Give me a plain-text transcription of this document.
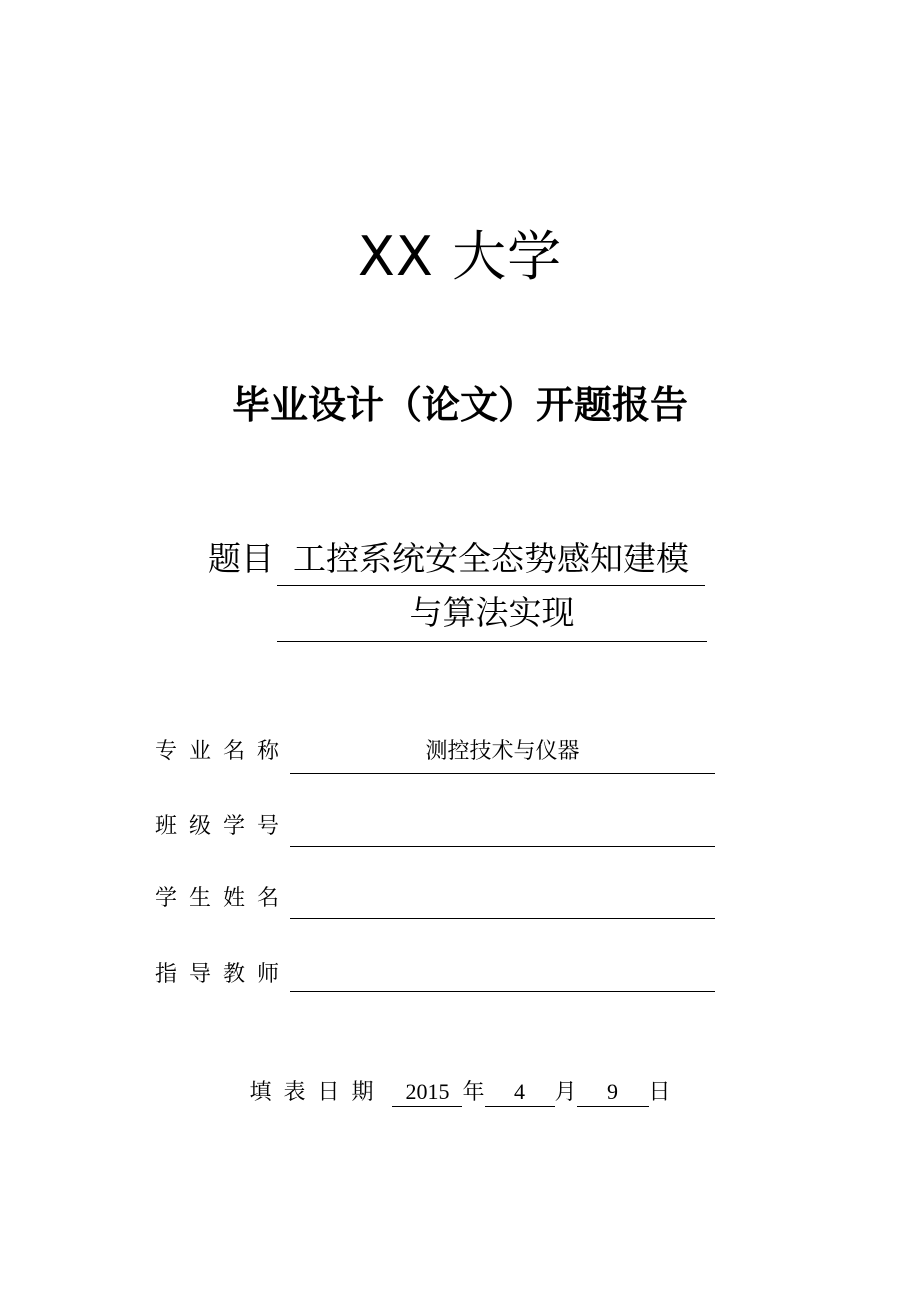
XX 大学
毕业设计（论文）开题报告
题目 工控系统安全态势感知建模
与算法实现
专业名称	测控技术与仪器
班级学号
学生姓名
指导教师
填表日期 2015 年 4 月 9 日
